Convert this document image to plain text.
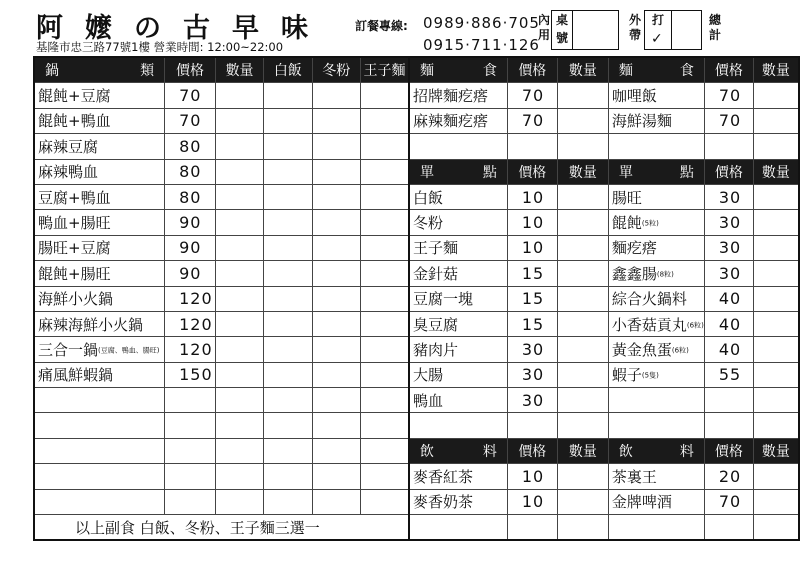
阿嬤の古早味
基隆市忠三路77號1樓 營業時間: 12:00~22:00
訂餐專線: 0989·886·705
0915·711·126
內用
桌號
外帶
打
✓
總計
鍋 類	價格	數量	白飯	冬粉	王子麵	麵 食	價格	數量	麵 食	價格	數量
餛飩+豆腐	70					招牌麵疙瘩	70		咖哩飯	70	
餛飩+鴨血	70					麻辣麵疙瘩	70		海鮮湯麵	70	
麻辣豆腐	80										
麻辣鴨血	80					單 點	價格	數量	單 點	價格	數量
豆腐+鴨血	80					白飯	10		腸旺	30	
鴨血+腸旺	90					冬粉	10		餛飩(5粒)	30	
腸旺+豆腐	90					王子麵	10		麵疙瘩	30	
餛飩+腸旺	90					金針菇	15		鑫鑫腸(8粒)	30	
海鮮小火鍋	120					豆腐一塊	15		綜合火鍋料	40	
麻辣海鮮小火鍋	120					臭豆腐	15		小香菇貢丸(6粒)	40	
三合一鍋(豆腐、鴨血、腸旺)	120					豬肉片	30		黃金魚蛋(6粒)	40	
痛風鮮蝦鍋	150					大腸	30		蝦子(5隻)	55	
						鴨血	30				

						飲 料	價格	數量	飲 料	價格	數量
						麥香紅茶	10		茶裏王	20	
						麥香奶茶	10		金牌啤酒	70	
以上副食 白飯、冬粉、王子麵三選一											
